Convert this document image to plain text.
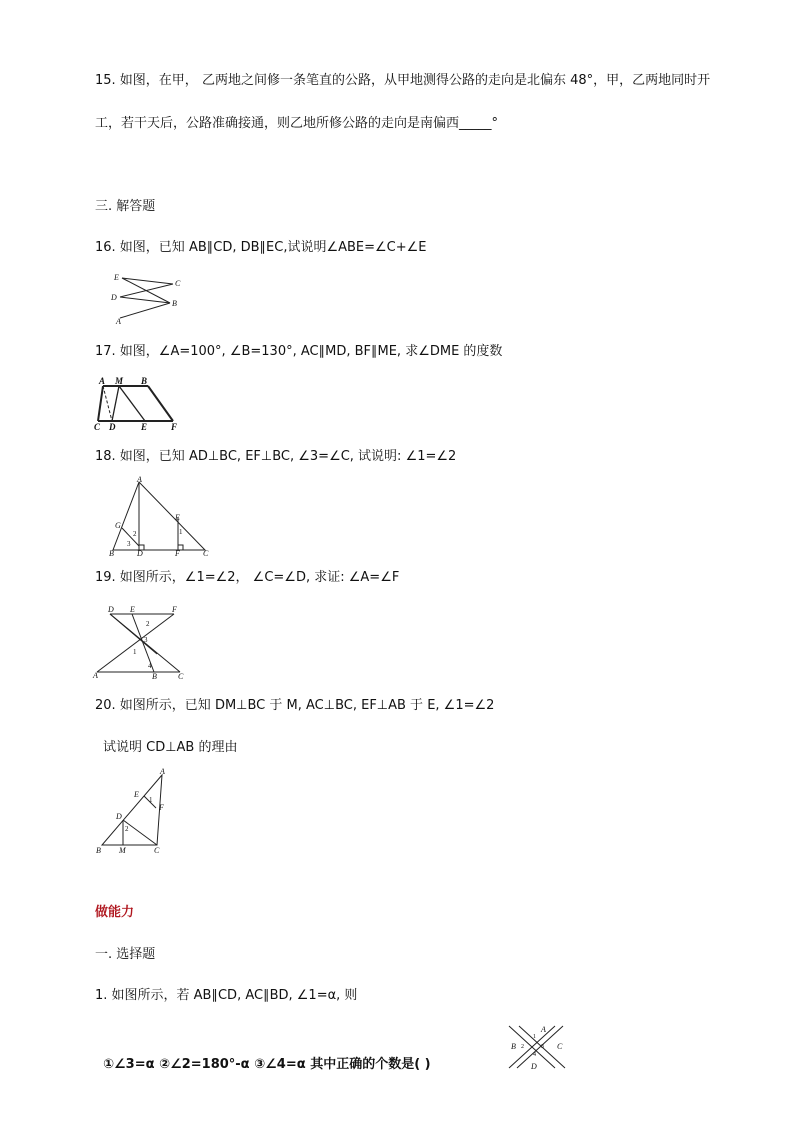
15. 如图，在甲， 乙两地之间修一条笔直的公路，从甲地测得公路的走向是北偏东 48°，甲，乙两地同时开
工，若干天后，公路准确接通，则乙地所修公路的走向是南偏西_____°
三. 解答题
16. 如图，已知 AB∥CD, DB∥EC,试说明∠ABE=∠C+∠E
E
C
D
B
A
17. 如图，∠A=100°, ∠B=130°, AC∥MD, BF∥ME, 求∠DME 的度数
A M B
C D	E	F
18. 如图，已知 AD⊥BC, EF⊥BC, ∠3=∠C, 试说明: ∠1=∠2
A
G
E
B	D	F	C
1
2
3
19. 如图所示，∠1=∠2， ∠C=∠D, 求证: ∠A=∠F
D E	F
A	B	C
1
2
3
4
20. 如图所示，已知 DM⊥BC 于 M, AC⊥BC, EF⊥AB 于 E, ∠1=∠2
试说明 CD⊥AB 的理由
A
E
1
F
D
2
B M	C
做能力
一. 选择题
1. 如图所示，若 AB∥CD, AC∥BD, ∠1=α, 则
①∠3=α ②∠2=180°-α ③∠4=α 其中正确的个数是( )
A
B	C
D
1
2	3
4
